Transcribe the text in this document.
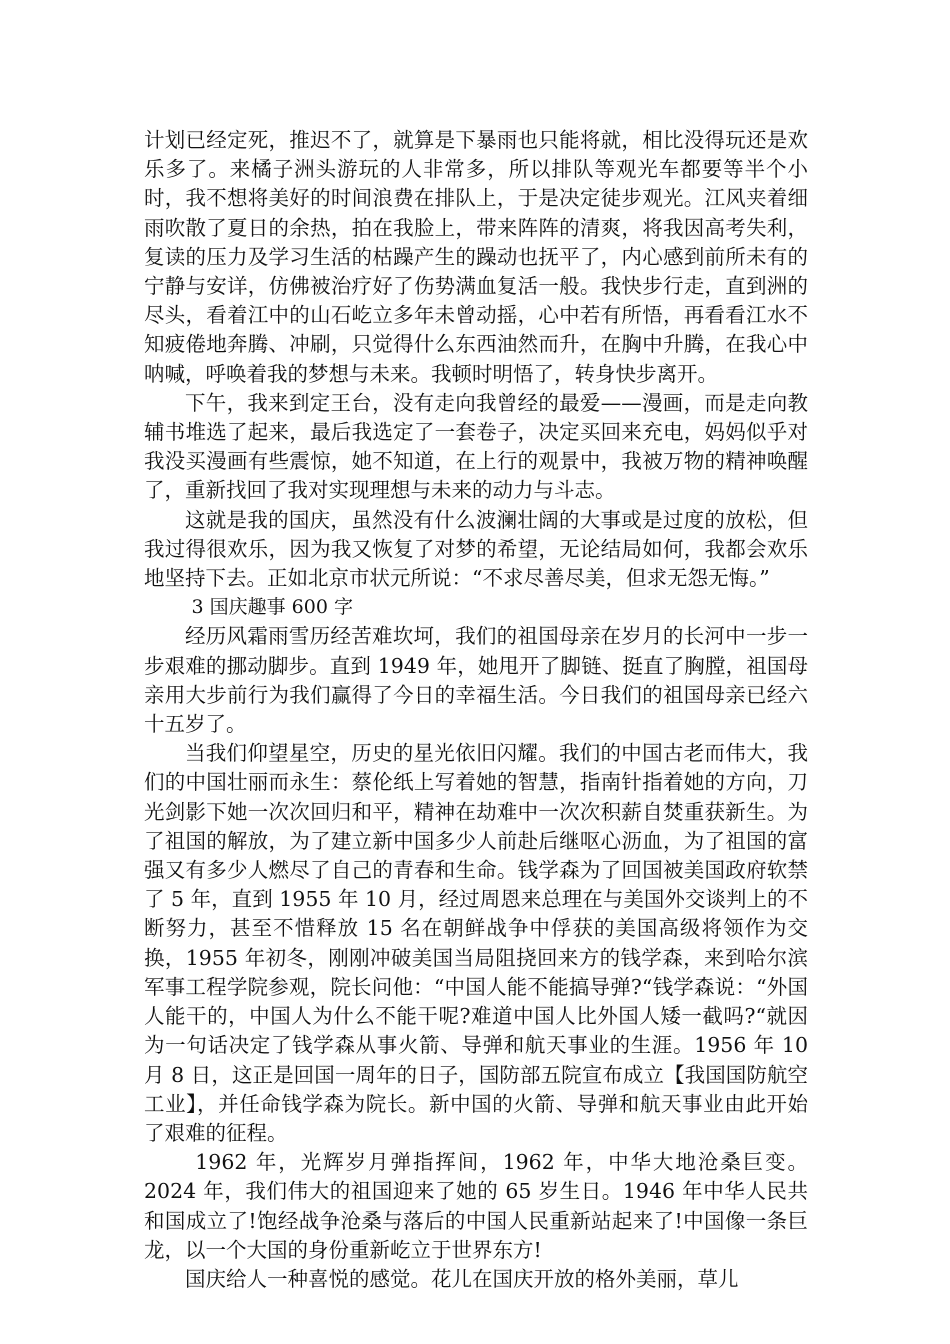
计划已经定死，推迟不了，就算是下暴雨也只能将就，相比没得玩还是欢乐多了。来橘子洲头游玩的人非常多，所以排队等观光车都要等半个小时，我不想将美好的时间浪费在排队上，于是决定徒步观光。江风夹着细雨吹散了夏日的余热，拍在我脸上，带来阵阵的清爽，将我因高考失利，复读的压力及学习生活的枯躁产生的躁动也抚平了，内心感到前所未有的宁静与安详，仿佛被治疗好了伤势满血复活一般。我快步行走，直到洲的尽头，看着江中的山石屹立多年未曾动摇，心中若有所悟，再看看江水不知疲倦地奔腾、冲刷，只觉得什么东西油然而升，在胸中升腾，在我心中呐喊，呼唤着我的梦想与未来。我顿时明悟了，转身快步离开。

下午，我来到定王台，没有走向我曾经的最爱——漫画，而是走向教辅书堆选了起来，最后我选定了一套卷子，决定买回来充电，妈妈似乎对我没买漫画有些震惊，她不知道，在上行的观景中，我被万物的精神唤醒了，重新找回了我对实现理想与未来的动力与斗志。

这就是我的国庆，虽然没有什么波澜壮阔的大事或是过度的放松，但我过得很欢乐，因为我又恢复了对梦的希望，无论结局如何，我都会欢乐地坚持下去。正如北京市状元所说：“不求尽善尽美，但求无怨无悔。”

3 国庆趣事 600 字

经历风霜雨雪历经苦难坎坷，我们的祖国母亲在岁月的长河中一步一步艰难的挪动脚步。直到 1949 年，她甩开了脚链、挺直了胸膛，祖国母亲用大步前行为我们赢得了今日的幸福生活。今日我们的祖国母亲已经六十五岁了。

当我们仰望星空，历史的星光依旧闪耀。我们的中国古老而伟大，我们的中国壮丽而永生：蔡伦纸上写着她的智慧，指南针指着她的方向，刀光剑影下她一次次回归和平，精神在劫难中一次次积薪自焚重获新生。为了祖国的解放，为了建立新中国多少人前赴后继呕心沥血，为了祖国的富强又有多少人燃尽了自己的青春和生命。钱学森为了回国被美国政府软禁了 5 年，直到 1955 年 10 月，经过周恩来总理在与美国外交谈判上的不断努力，甚至不惜释放 15 名在朝鲜战争中俘获的美国高级将领作为交换，1955 年初冬，刚刚冲破美国当局阻挠回来方的钱学森，来到哈尔滨军事工程学院参观，院长问他：“中国人能不能搞导弹?“钱学森说：“外国人能干的，中国人为什么不能干呢?难道中国人比外国人矮一截吗?“就因为一句话决定了钱学森从事火箭、导弹和航天事业的生涯。1956 年 10 月 8 日，这正是回国一周年的日子，国防部五院宣布成立【我国国防航空工业】，并任命钱学森为院长。新中国的火箭、导弹和航天事业由此开始了艰难的征程。

1962 年，光辉岁月弹指挥间，1962 年，中华大地沧桑巨变。2024 年，我们伟大的祖国迎来了她的 65 岁生日。1946 年中华人民共和国成立了!饱经战争沧桑与落后的中国人民重新站起来了!中国像一条巨龙，以一个大国的身份重新屹立于世界东方!

国庆给人一种喜悦的感觉。花儿在国庆开放的格外美丽，草儿
